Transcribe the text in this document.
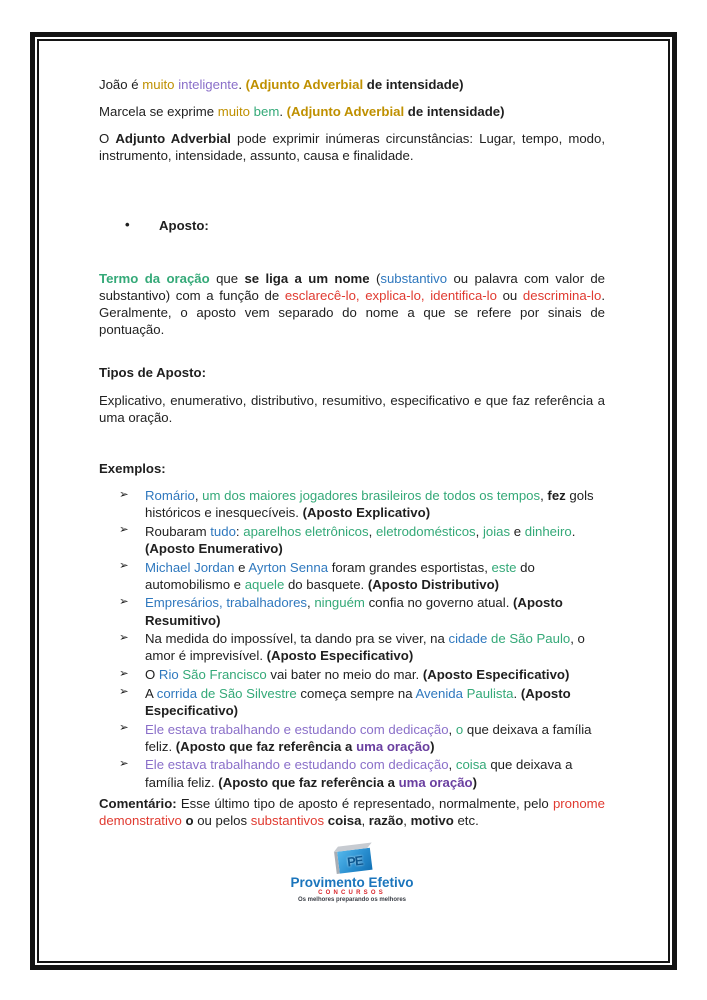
João é muito inteligente. (Adjunto Adverbial de intensidade)
Marcela se exprime muito bem. (Adjunto Adverbial de intensidade)
O Adjunto Adverbial pode exprimir inúmeras circunstâncias: Lugar, tempo, modo, instrumento, intensidade, assunto, causa e finalidade.
• Aposto:
Termo da oração que se liga a um nome (substantivo ou palavra com valor de substantivo) com a função de esclarecê-lo, explica-lo, identifica-lo ou descrimina-lo. Geralmente, o aposto vem separado do nome a que se refere por sinais de pontuação.
Tipos de Aposto:
Explicativo, enumerativo, distributivo, resumitivo, especificativo e que faz referência a uma oração.
Exemplos:
➢ Romário, um dos maiores jogadores brasileiros de todos os tempos, fez gols históricos e inesquecíveis. (Aposto Explicativo)
➢ Roubaram tudo: aparelhos eletrônicos, eletrodomésticos, joias e dinheiro. (Aposto Enumerativo)
➢ Michael Jordan e Ayrton Senna foram grandes esportistas, este do automobilismo e aquele do basquete. (Aposto Distributivo)
➢ Empresários, trabalhadores, ninguém confia no governo atual. (Aposto Resumitivo)
➢ Na medida do impossível, ta dando pra se viver, na cidade de São Paulo, o amor é imprevisível. (Aposto Especificativo)
➢ O Rio São Francisco vai bater no meio do mar. (Aposto Especificativo)
➢ A corrida de São Silvestre começa sempre na Avenida Paulista. (Aposto Especificativo)
➢ Ele estava trabalhando e estudando com dedicação, o que deixava a família feliz. (Aposto que faz referência a uma oração)
➢ Ele estava trabalhando e estudando com dedicação, coisa que deixava a família feliz. (Aposto que faz referência a uma oração)
Comentário: Esse último tipo de aposto é representado, normalmente, pelo pronome demonstrativo o ou pelos substantivos coisa, razão, motivo etc.
PE
Provimento Efetivo
CONCURSOS
Os melhores preparando os melhores
